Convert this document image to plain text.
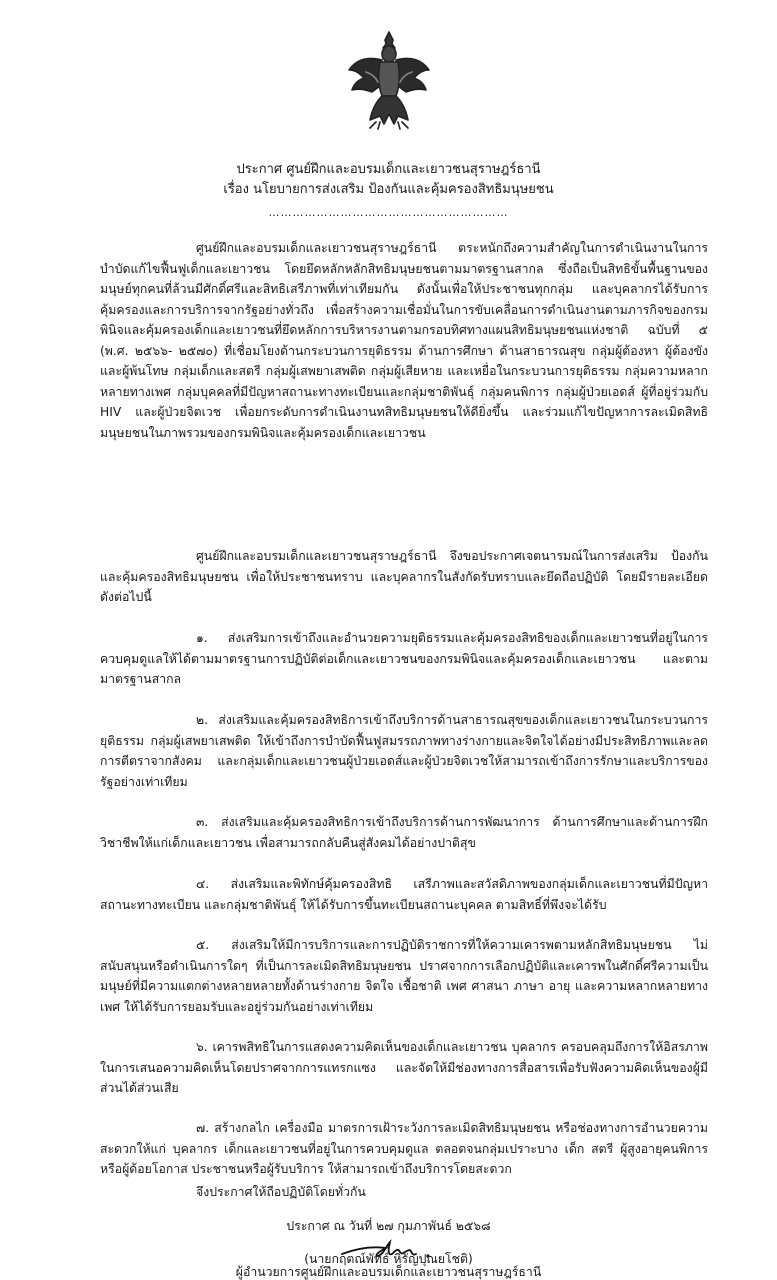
ประกาศ ศูนย์ฝึกและอบรมเด็กและเยาวชนสุราษฎร์ธานี
เรื่อง นโยบายการส่งเสริม ป้องกันและคุ้มครองสิทธิมนุษยชน
……………………………………………………
ศูนย์ฝึกและอบรมเด็กและเยาวชนสุราษฎร์ธานี ตระหนักถึงความสำคัญในการดำเนินงานในการบำบัดแก้ไขฟื้นฟูเด็กและเยาวชน โดยยึดหลักหลักสิทธิมนุษยชนตามมาตรฐานสากล ซึ่งถือเป็นสิทธิขั้นพื้นฐานของมนุษย์ทุกคนที่ล้วนมีศักดิ์ศรีและสิทธิเสรีภาพที่เท่าเทียมกัน ดังนั้นเพื่อให้ประชาชนทุกกลุ่ม และบุคลากรได้รับการคุ้มครองและการบริการจากรัฐอย่างทั่วถึง เพื่อสร้างความเชื่อมั่นในการขับเคลื่อนการดำเนินงานตามภารกิจของกรมพินิจและคุ้มครองเด็กและเยาวชนที่ยึดหลักการบริหารงานตามกรอบทิศทางแผนสิทธิมนุษยชนแห่งชาติ ฉบับที่ ๕ (พ.ศ. ๒๕๖๖- ๒๕๗๐) ที่เชื่อมโยงด้านกระบวนการยุติธรรม ด้านการศึกษา ด้านสาธารณสุข กลุ่มผู้ต้องหา ผู้ต้องขังและผู้พ้นโทษ กลุ่มเด็กและสตรี กลุ่มผู้เสพยาเสพติด กลุ่มผู้เสียหาย และเหยื่อในกระบวนการยุติธรรม กลุ่มความหลากหลายทางเพศ กลุ่มบุคคลที่มีปัญหาสถานะทางทะเบียนและกลุ่มชาติพันธุ์ กลุ่มคนพิการ กลุ่มผู้ป่วยเอดส์ ผู้ที่อยู่ร่วมกับ HIV และผู้ป่วยจิตเวช เพื่อยกระดับการดำเนินงานทสิทธิมนุษยชนให้ดียิ่งขึ้น และร่วมแก้ไขปัญหาการละเมิดสิทธิมนุษยชนในภาพรวมของกรมพินิจและคุ้มครองเด็กและเยาวชน
ศูนย์ฝึกและอบรมเด็กและเยาวชนสุราษฎร์ธานี จึงขอประกาศเจตนารมณ์ในการส่งเสริม ป้องกันและคุ้มครองสิทธิมนุษยชน เพื่อให้ประชาชนทราบ และบุคลากรในสังกัดรับทราบและยึดถือปฏิบัติ โดยมีรายละเอียดดังต่อไปนี้
๑. ส่งเสริมการเข้าถึงและอำนวยความยุติธรรมและคุ้มครองสิทธิของเด็กและเยาวชนที่อยู่ในการควบคุมดูแลให้ได้ตามมาตรฐานการปฏิบัติต่อเด็กและเยาวชนของกรมพินิจและคุ้มครองเด็กและเยาวชน และตามมาตรฐานสากล
๒. ส่งเสริมและคุ้มครองสิทธิการเข้าถึงบริการด้านสาธารณสุขของเด็กและเยาวชนในกระบวนการยุติธรรม กลุ่มผู้เสพยาเสพติด ให้เข้าถึงการบำบัดฟื้นฟูสมรรถภาพทางร่างกายและจิตใจได้อย่างมีประสิทธิภาพและลดการตีตราจากสังคม และกลุ่มเด็กและเยาวชนผู้ป่วยเอดส์และผู้ป่วยจิตเวชให้สามารถเข้าถึงการรักษาและบริการของรัฐอย่างเท่าเทียม
๓. ส่งเสริมและคุ้มครองสิทธิการเข้าถึงบริการด้านการพัฒนาการ ด้านการศึกษาและด้านการฝึกวิชาชีพให้แก่เด็กและเยาวชน เพื่อสามารถกลับคืนสู่สังคมได้อย่างปาติสุข
๔. ส่งเสริมและพิทักษ์คุ้มครองสิทธิ เสรีภาพและสวัสดิภาพของกลุ่มเด็กและเยาวชนที่มีปัญหาสถานะทางทะเบียน และกลุ่มชาติพันธุ์ ให้ได้รับการขึ้นทะเบียนสถานะบุคคล ตามสิทธิ์ที่พึงจะได้รับ
๕. ส่งเสริมให้มีการบริการและการปฏิบัติราชการที่ให้ความเคารพตามหลักสิทธิมนุษยชน ไม่สนับสนุนหรือดำเนินการใดๆ ที่เป็นการละเมิดสิทธิมนุษยชน ปราศจากการเลือกปฏิบัติและเคารพในศักดิ์ศรีความเป็นมนุษย์ที่มีความแตกต่างหลายหลายทั้งด้านร่างกาย จิตใจ เชื้อชาติ เพศ ศาสนา ภาษา อายุ และความหลากหลายทางเพศ ให้ได้รับการยอมรับและอยู่ร่วมกันอย่างเท่าเทียม
๖. เคารพสิทธิในการแสดงความคิดเห็นของเด็กและเยาวชน บุคลากร ครอบคลุมถึงการให้อิสรภาพในการเสนอความคิดเห็นโดยปราศจากการแทรกแซง และจัดให้มีช่องทางการสื่อสารเพื่อรับฟังความคิดเห็นของผู้มีส่วนได้ส่วนเสีย
๗. สร้างกลไก เครื่องมือ มาตรการเฝ้าระวังการละเมิดสิทธิมนุษยชน หรือช่องทางการอำนวยความสะดวกให้แก่ บุคลากร เด็กและเยาวชนที่อยู่ในการควบคุมดูแล ตลอดจนกลุ่มเปราะบาง เด็ก สตรี ผู้สูงอายุคนพิการหรือผู้ด้อยโอกาส ประชาชนหรือผู้รับบริการ ให้สามารถเข้าถึงบริการโดยสะดวก
จึงประกาศให้ถือปฏิบัติโดยทั่วกัน
ประกาศ ณ วันที่ ๒๗ กุมภาพันธ์ ๒๕๖๘
(นายกฤตณ์พัทธ์ หิรัญปุณยโชติ)
ผู้อำนวยการศูนย์ฝึกและอบรมเด็กและเยาวชนสุราษฎร์ธานี
